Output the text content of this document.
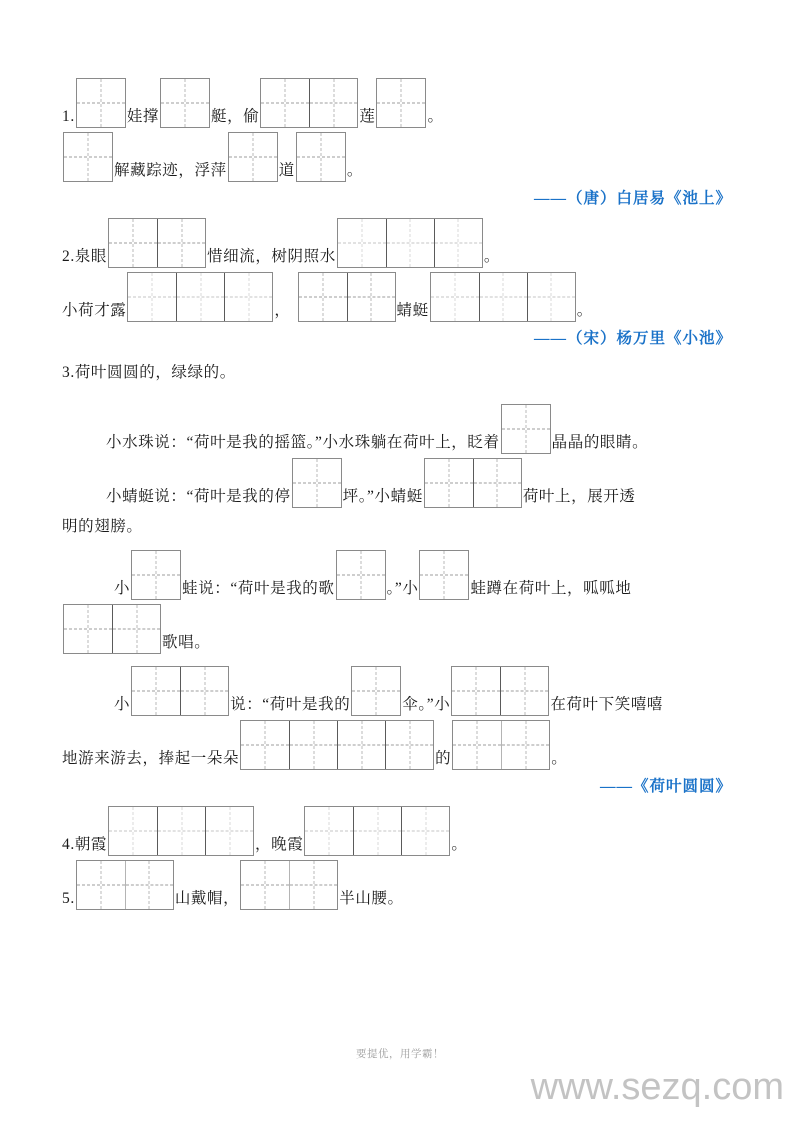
1.	娃撑	艇，偷	莲	。
解藏踪迹，浮萍	道	。
——（唐）白居易《池上》
2.泉眼	惜细流，树阴照水	。
小荷才露	，	蜻蜓	。
——（宋）杨万里《小池》
3.荷叶圆圆的，绿绿的。
小水珠说：“荷叶是我的摇篮。”小水珠躺在荷叶上，眨着	晶晶的眼睛。
小蜻蜓说：“荷叶是我的停	坪。”小蜻蜓	荷叶上，展开透
明的翅膀。
小	蛙说：“荷叶是我的歌	。”小	蛙蹲在荷叶上，呱呱地
歌唱。
小	说：“荷叶是我的	伞。”小	在荷叶下笑嘻嘻
地游来游去，捧起一朵朵	的	。
——《荷叶圆圆》
4.朝霞	，晚霞	。
5.	山戴帽，	半山腰。
要提优，用学霸！
www.sezq.com
